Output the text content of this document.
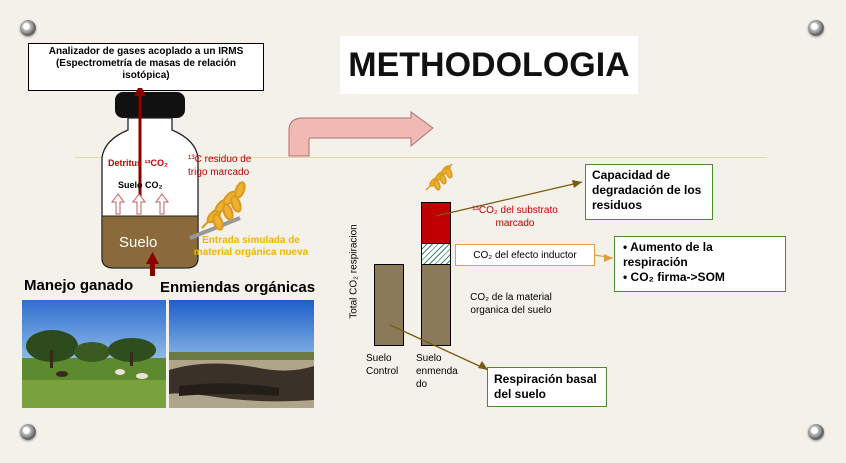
METHODOLOGIA
Analizador de gases acoplado a un IRMS (Espectrometría de masas de relación isotópica)
Detritus ¹³CO₂
Suelo CO₂
Suelo
¹³C residuo de trigo marcado
Entrada simulada de material orgánica nueva
Manejo ganado Enmiendas orgánicas	Total CO₂ respiracion
Suelo Control
Suelo enmenda do
¹³CO₂ del substrato marcado
CO₂ del efecto inductor
CO₂ de la material organica del suelo
Capacidad de degradación de los residuos
Respiración basal del suelo
• Aumento de la respiración
• CO₂ firma->SOM
